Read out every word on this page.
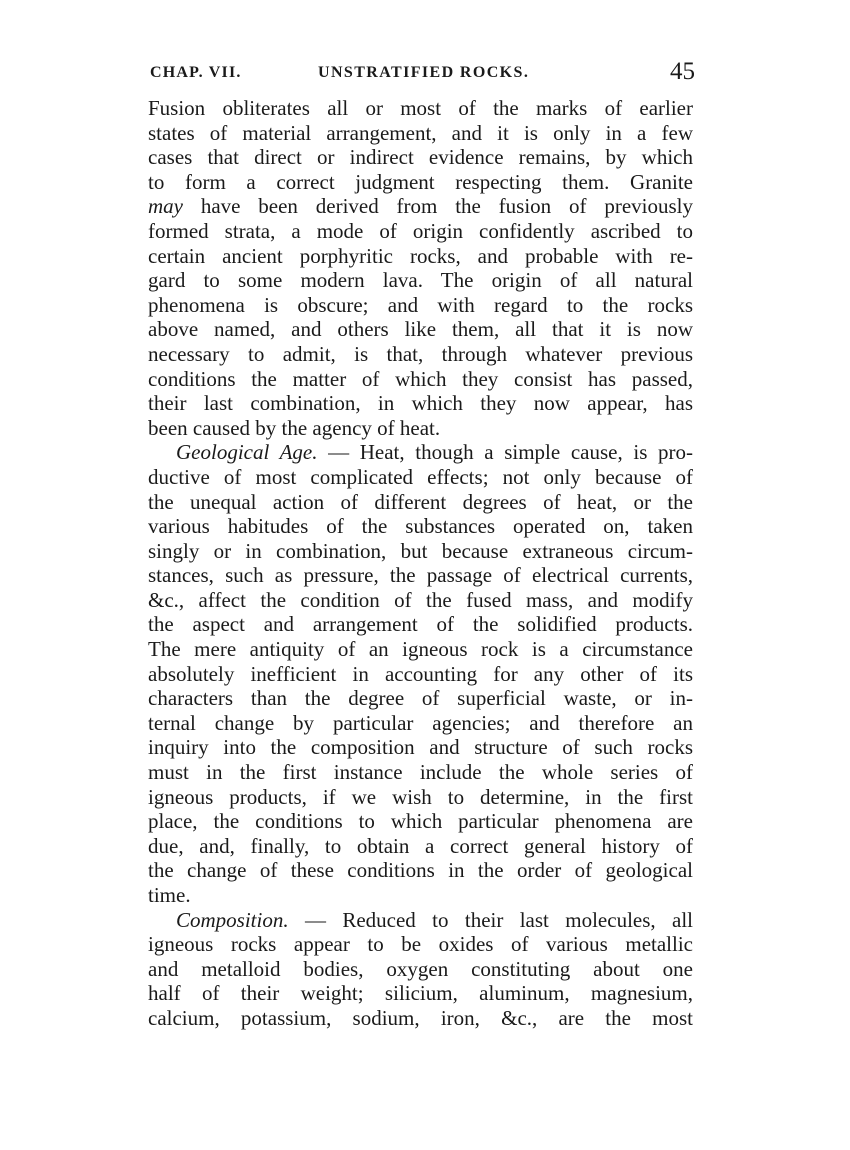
CHAP. VII.	UNSTRATIFIED ROCKS.	45
Fusion obliterates all or most of the marks of earlier
states of material arrangement, and it is only in a few
cases that direct or indirect evidence remains, by which
to form a correct judgment respecting them. Granite
may have been derived from the fusion of previously
formed strata, a mode of origin confidently ascribed to
certain ancient porphyritic rocks, and probable with re-
gard to some modern lava. The origin of all natural
phenomena is obscure; and with regard to the rocks
above named, and others like them, all that it is now
necessary to admit, is that, through whatever previous
conditions the matter of which they consist has passed,
their last combination, in which they now appear, has
been caused by the agency of heat.
Geological Age. — Heat, though a simple cause, is pro-
ductive of most complicated effects; not only because of
the unequal action of different degrees of heat, or the
various habitudes of the substances operated on, taken
singly or in combination, but because extraneous circum-
stances, such as pressure, the passage of electrical currents,
&c., affect the condition of the fused mass, and modify
the aspect and arrangement of the solidified products.
The mere antiquity of an igneous rock is a circumstance
absolutely inefficient in accounting for any other of its
characters than the degree of superficial waste, or in-
ternal change by particular agencies; and therefore an
inquiry into the composition and structure of such rocks
must in the first instance include the whole series of
igneous products, if we wish to determine, in the first
place, the conditions to which particular phenomena are
due, and, finally, to obtain a correct general history of
the change of these conditions in the order of geological
time.
Composition. — Reduced to their last molecules, all
igneous rocks appear to be oxides of various metallic
and metalloid bodies, oxygen constituting about one
half of their weight; silicium, aluminum, magnesium,
calcium, potassium, sodium, iron, &c., are the most
